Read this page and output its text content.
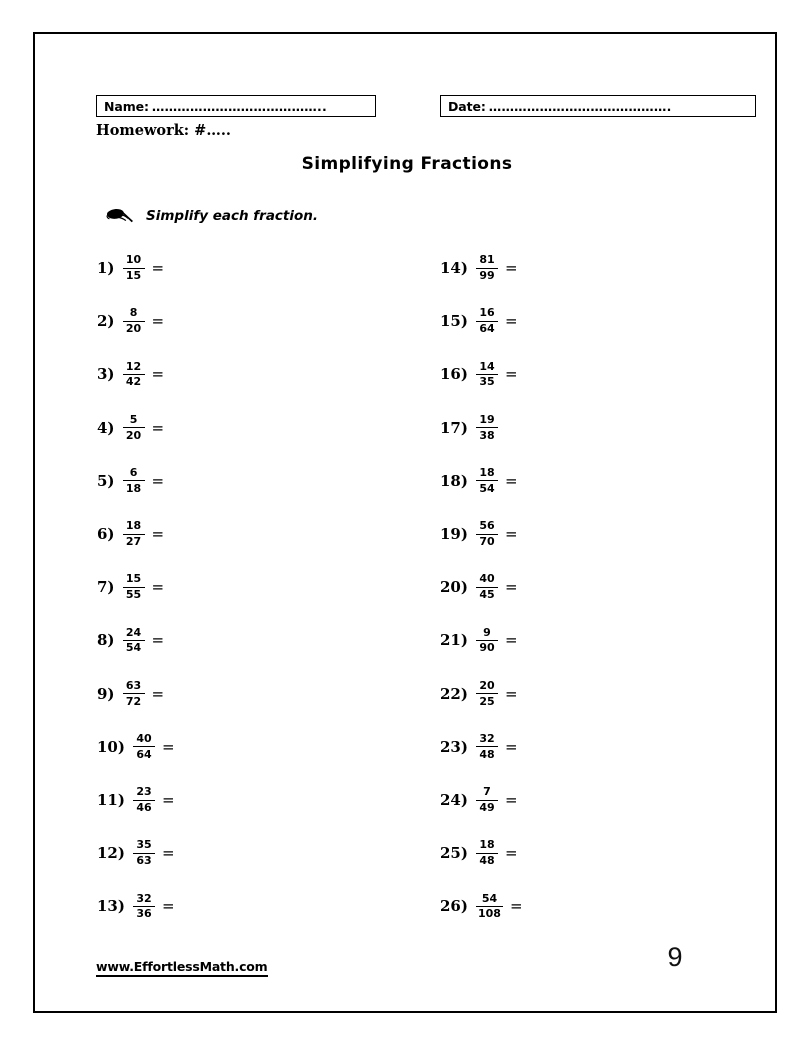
Name: …………………………………..	Date: …………………………………….
Homework: #…..
Simplifying Fractions
Simplify each fraction.
$1) \frac{10}{15}$ =
$2) \frac{8}{20}$ =
$3) \frac{12}{42}$ =
$4) \frac{5}{20}$ =
$5) \frac{6}{18}$ =
$6) \frac{18}{27}$ =
$7) \frac{15}{55}$ =
$8) \frac{24}{54}$ =
$9) \frac{63}{72}$ =
$10) \frac{40}{64}$ =
$11) \frac{23}{46}$ =
$12) \frac{35}{63}$ =
$13) \frac{32}{36}$ =
$14) \frac{81}{99}$ =
$15) \frac{16}{64}$ =
$16) \frac{14}{35}$ =
$17) \frac{19}{38}$
$18) \frac{18}{54}$ =
$19) \frac{56}{70}$ =
$20) \frac{40}{45}$ =
$21) \frac{9}{90}$ =
$22) \frac{20}{25}$ =
$23) \frac{32}{48}$ =
$24) \frac{7}{49}$ =
$25) \frac{18}{48}$ =
$26) \frac{54}{108}$ =
www.EffortlessMath.com	9
